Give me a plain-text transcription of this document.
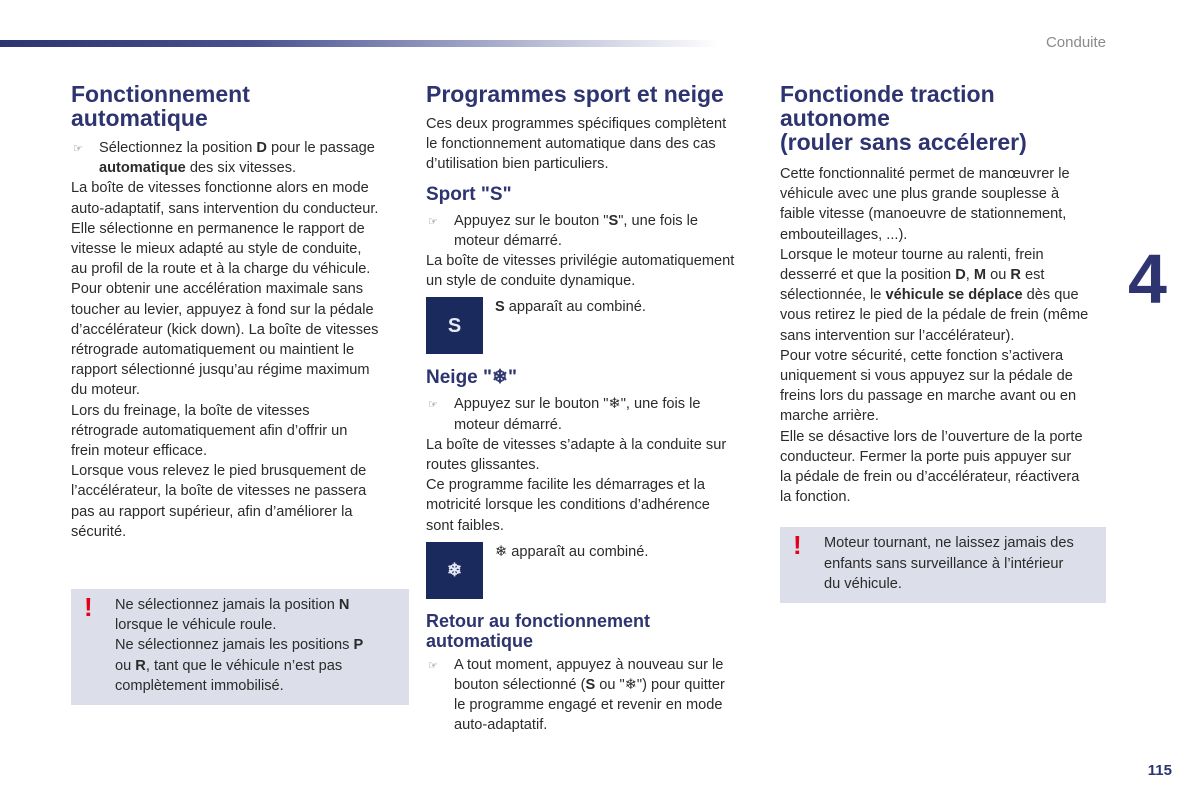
Conduite
4
115
Fonctionnement
automatique
☞ Sélectionnez la position D pour le passage
automatique des six vitesses.
La boîte de vitesses fonctionne alors en mode
auto-adaptatif, sans intervention du conducteur.
Elle sélectionne en permanence le rapport de
vitesse le mieux adapté au style de conduite,
au profil de la route et à la charge du véhicule.
Pour obtenir une accélération maximale sans
toucher au levier, appuyez à fond sur la pédale
d’accélérateur (kick down). La boîte de vitesses
rétrograde automatiquement ou maintient le
rapport sélectionné jusqu’au régime maximum
du moteur.
Lors du freinage, la boîte de vitesses
rétrograde automatiquement afin d’offrir un
frein moteur efficace.
Lorsque vous relevez le pied brusquement de
l’accélérateur, la boîte de vitesses ne passera
pas au rapport supérieur, afin d’améliorer la
sécurité.
! Ne sélectionnez jamais la position N
lorsque le véhicule roule.
Ne sélectionnez jamais les positions P
ou R, tant que le véhicule n’est pas
complètement immobilisé.
Programmes sport et neige
Ces deux programmes spécifiques complètent
le fonctionnement automatique dans des cas
d’utilisation bien particuliers.
Sport "S"
☞ Appuyez sur le bouton "S", une fois le
moteur démarré.
La boîte de vitesses privilégie automatiquement
un style de conduite dynamique.
S
S apparaît au combiné.
Neige "❄"
☞ Appuyez sur le bouton "❄", une fois le
moteur démarré.
La boîte de vitesses s’adapte à la conduite sur
routes glissantes.
Ce programme facilite les démarrages et la
motricité lorsque les conditions d’adhérence
sont faibles.
❄
❄ apparaît au combiné.
Retour au fonctionnement
automatique
☞ A tout moment, appuyez à nouveau sur le
bouton sélectionné (S ou "❄") pour quitter
le programme engagé et revenir en mode
auto-adaptatif.
Fonctionde traction
autonome
(rouler sans accélerer)
Cette fonctionnalité permet de manœuvrer le
véhicule avec une plus grande souplesse à
faible vitesse (manoeuvre de stationnement,
embouteillages, ...).
Lorsque le moteur tourne au ralenti, frein
desserré et que la position D, M ou R est
sélectionnée, le véhicule se déplace dès que
vous retirez le pied de la pédale de frein (même
sans intervention sur l’accélérateur).
Pour votre sécurité, cette fonction s’activera
uniquement si vous appuyez sur la pédale de
freins lors du passage en marche avant ou en
marche arrière.
Elle se désactive lors de l’ouverture de la porte
conducteur. Fermer la porte puis appuyer sur
la pédale de frein ou d’accélérateur, réactivera
la fonction.
! Moteur tournant, ne laissez jamais des
enfants sans surveillance à l’intérieur
du véhicule.
